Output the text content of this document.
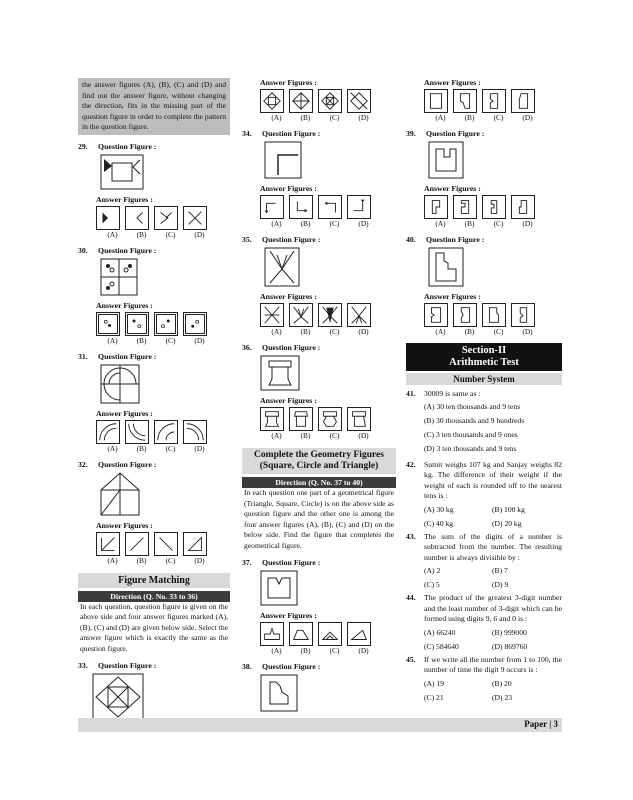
the answer figures (A), (B), (C) and (D) and find out the answer figure, without changing the direction, fits in the missing part of the question figure in order to complete the pattern in the question figure.
29.	Question Figure :
Answer Figures :
(A)	(B)	(C)	(D)
30.	Question Figure :
Answer Figures :
(A)	(B)	(C)	(D)
31.	Question Figure :
Answer Figures :
(A)	(B)	(C)	(D)
32.	Question Figure :
Answer Figures :
(A)	(B)	(C)	(D)
Figure Matching
Direction (Q. No. 33 to 36)
In each question, question figure is given on the above side and four answer figures marked (A), (B), (C) and (D) are given below side. Select the answer figure which is exactly the same as the question figure.
33.	Question Figure :
Answer Figures :
(A)	(B)	(C)	(D)
34.	Question Figure :
Answer Figures :
(A)	(B)	(C)	(D)
35.	Question Figure :
Answer Figures :
(A)	(B)	(C)	(D)
36.	Question Figure :
Answer Figures :
(A)	(B)	(C)	(D)
Complete the Geometry Figures (Square, Circle and Triangle)
Direction (Q. No. 37 to 40)
In each question one part of a geometrical figure (Triangle, Square, Circle) is on the above side as question figure and the other one is among the four answer figures (A), (B), (C) and (D) on the below side. Find the figure that completes the geometrical figure.
37.	Question Figure :
Answer Figures :
(A)	(B)	(C)	(D)
38.	Question Figure :
Answer Figures :
(A)	(B)	(C)	(D)
39.	Question Figure :
Answer Figures :
(A)	(B)	(C)	(D)
40.	Question Figure :
Answer Figures :
(A)	(B)	(C)	(D)
Section-II
Arithmetic Test
Number System
41.	30009 is same as :
(A) 30 ten thousands and 9 tens
(B) 30 thousands and 9 hundreds
(C) 3 ten thousands and 9 ones
(D) 3 ten thousands and 9 tens
42.	Sumit weighs 107 kg and Sanjay weighs 82 kg. The difference of their weight if the weight of each is rounded off to the nearest tens is :
(A) 30 kg	(B) 100 kg
(C) 40 kg	(D) 20 kg
43.	The sum of the digits of a number is subtracted from the number. The resulting number is always divisible by :
(A) 2	(B) 7
(C) 5	(D) 9
44.	The product of the greatest 3-digit number and the least number of 3-digit which can be formed using digits 9, 6 and 0 is :
(A) 66240	(B) 999000
(C) 584640	(D) 869760
45.	If we write all the number from 1 to 100, the number of time the digit 9 occurs is :
(A) 19	(B) 20
(C) 21	(D) 23
Paper | 3
